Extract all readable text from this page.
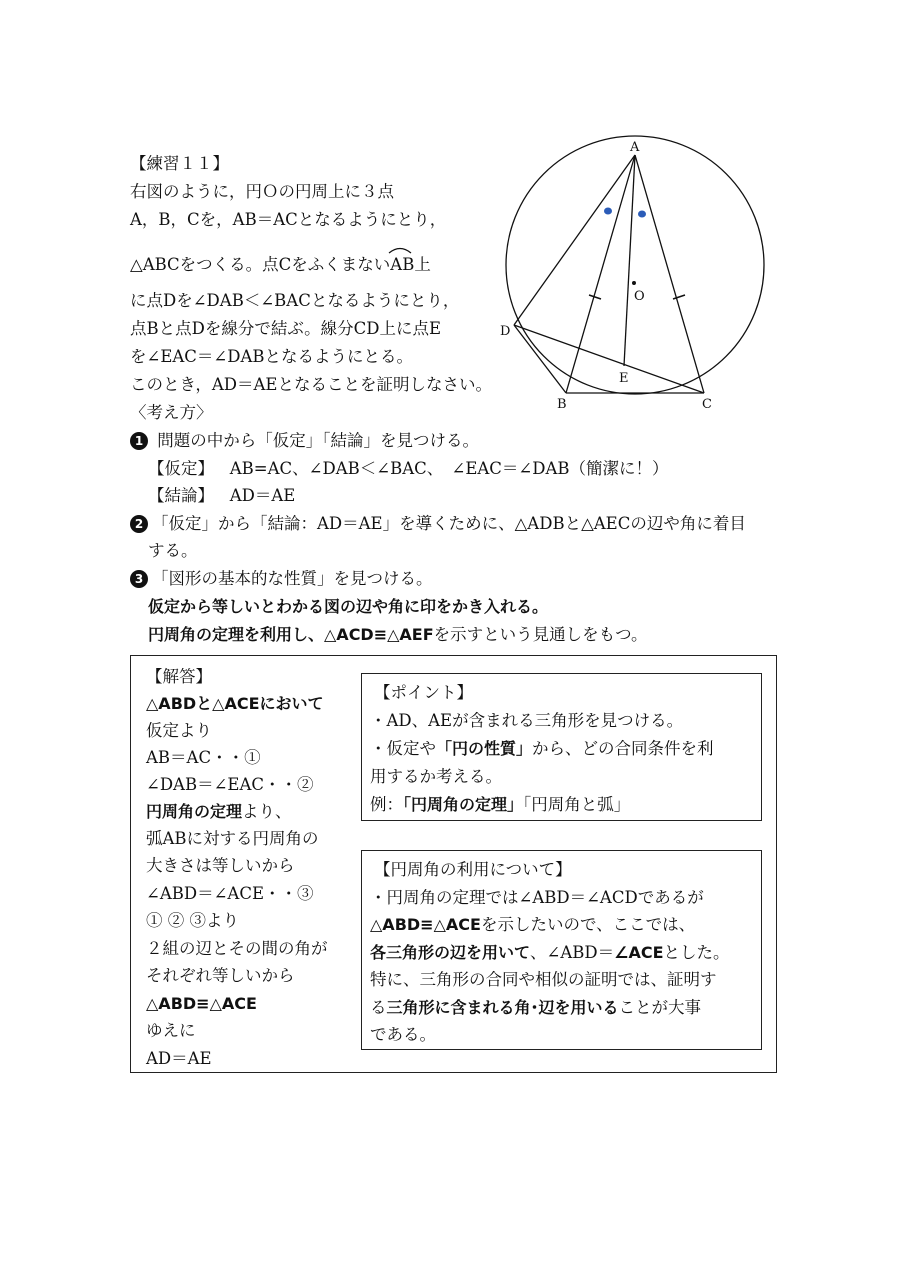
【練習１１】
右図のように，円Ｏの円周上に３点
A，B，Cを，AB＝ACとなるようにとり，
△ABCをつくる。点Cをふくまない
AB上
に点Dを∠DAB＜∠BACとなるようにとり，
点Bと点Dを線分で結ぶ。線分CD上に点E
を∠EAC＝∠DABとなるようにとる。
このとき，AD＝AEとなることを証明しなさい。
A
B	C
D
E
O
〈考え方〉
1 問題の中から「仮定」「結論」を見つける。
【仮定】 AB=AC、∠DAB＜∠BAC、　∠EAC＝∠DAB（簡潔に！）
【結論】 AD＝AE
2 「仮定」から「結論：AD＝AE」を導くために、△ADBと△AECの辺や角に着目
する。
3 「図形の基本的な性質」を見つける。
仮定から等しいとわかる図の辺や角に印をかき入れる。
円周角の定理を利用し、△ACD≡△AEFを示すという見通しをもつ。
【解答】
△ABDと△ACEにおいて
仮定より
AB＝AC・・①
∠DAB＝∠EAC・・②
円周角の定理より、
弧ABに対する円周角の
大きさは等しいから
∠ABD＝∠ACE・・③
① ② ③より
２組の辺とその間の角が
それぞれ等しいから
△ABD≡△ACE
ゆえに
AD＝AE
【ポイント】
・AD、AEが含まれる三角形を見つける。
・仮定や「円の性質」から、どの合同条件を利
用するか考える。
例：「円周角の定理」「円周角と弧」
【円周角の利用について】
・円周角の定理では∠ABD＝∠ACDであるが
△ABD≡△ACEを示したいので、ここでは、
各三角形の辺を用いて、∠ABD＝∠ACEとした。
特に、三角形の合同や相似の証明では、証明す
る三角形に含まれる角･辺を用いることが大事
である。
